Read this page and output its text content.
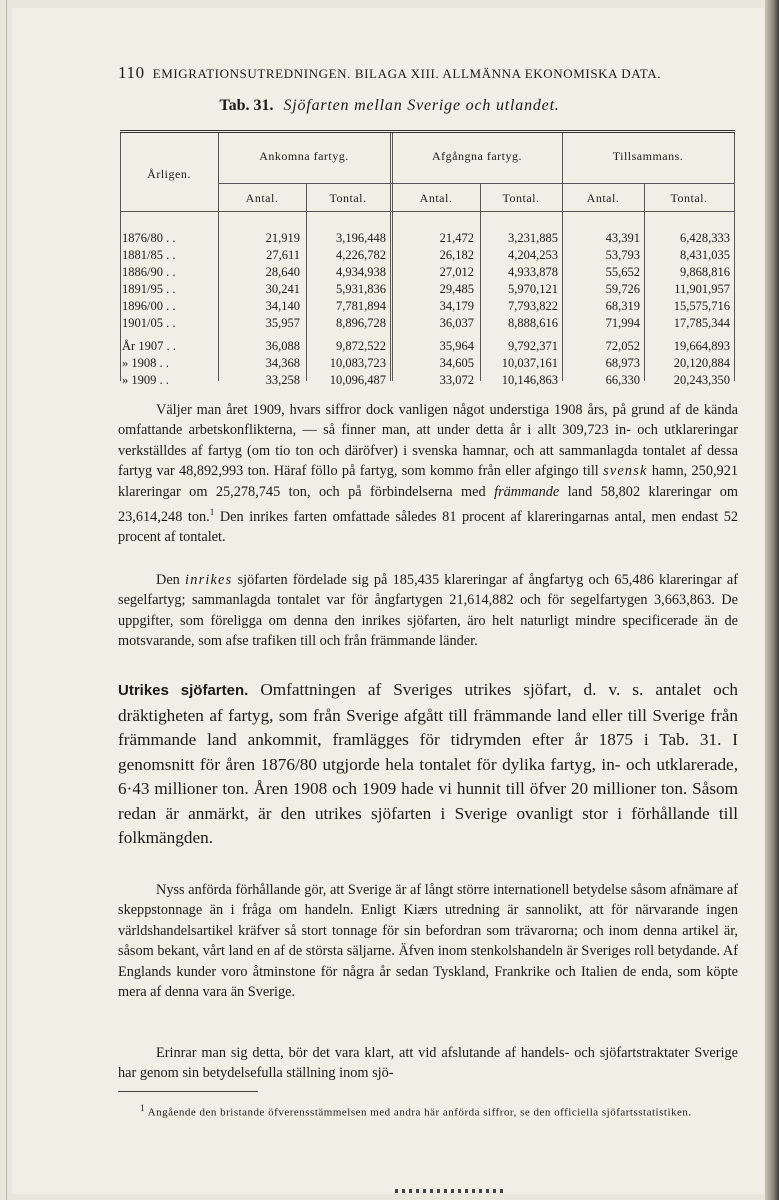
110 EMIGRATIONSUTREDNINGEN. BILAGA XIII. ALLMÄNNA EKONOMISKA DATA.
Tab. 31. Sjöfarten mellan Sverige och utlandet.
Årligen.
Ankomna fartyg.	Afgångna fartyg.	Tillsammans.
Antal.	Tontal.	Antal.	Tontal.	Antal.	Tontal.
1876/80 . .	21,919	3,196,448	21,472	3,231,885	43,391	6,428,333
1881/85 . .	27,611	4,226,782	26,182	4,204,253	53,793	8,431,035
1886/90 . .	28,640	4,934,938	27,012	4,933,878	55,652	9,868,816
1891/95 . .	30,241	5,931,836	29,485	5,970,121	59,726	11,901,957
1896/00 . .	34,140	7,781,894	34,179	7,793,822	68,319	15,575,716
1901/05 . .	35,957	8,896,728	36,037	8,888,616	71,994	17,785,344
År 1907 . .	36,088	9,872,522	35,964	9,792,371	72,052	19,664,893
» 1908 . .	34,368	10,083,723	34,605	10,037,161	68,973	20,120,884
» 1909 . .	33,258	10,096,487	33,072	10,146,863	66,330	20,243,350

Väljer man året 1909, hvars siffror dock vanligen något understiga 1908 års, på grund af de kända omfattande arbetskonflikterna, — så finner man, att under detta år i allt 309,723 in- och utklareringar verkställdes af fartyg (om tio ton och däröfver) i svenska hamnar, och att sammanlagda tontalet af dessa fartyg var 48,892,993 ton. Häraf föllo på fartyg, som kommo från eller afgingo till svensk hamn, 250,921 klareringar om 25,278,745 ton, och på förbindelserna med främmande land 58,802 klareringar om 23,614,248 ton.$^1$ Den inrikes farten omfattade således 81 procent af klareringarnas antal, men endast 52 procent af tontalet.

Den inrikes sjöfarten fördelade sig på 185,435 klareringar af ångfartyg och 65,486 klareringar af segelfartyg; sammanlagda tontalet var för ångfartygen 21,614,882 och för segelfartygen 3,663,863. De uppgifter, som föreligga om denna den inrikes sjöfarten, äro helt naturligt mindre specificerade än de motsvarande, som afse trafiken till och från främmande länder.

Utrikes sjöfarten. Omfattningen af Sveriges utrikes sjöfart, d. v. s. antalet och dräktigheten af fartyg, som från Sverige afgått till främmande land eller till Sverige från främmande land ankommit, framlägges för tidrymden efter år 1875 i Tab. 31. I genomsnitt för åren 1876/80 utgjorde hela tontalet för dylika fartyg, in- och utklarerade, 6·43 millioner ton. Åren 1908 och 1909 hade vi hunnit till öfver 20 millioner ton. Såsom redan är anmärkt, är den utrikes sjöfarten i Sverige ovanligt stor i förhållande till folkmängden.

Nyss anförda förhållande gör, att Sverige är af långt större internationell betydelse såsom afnämare af skeppstonnage än i fråga om handeln. Enligt Kiærs utredning är sannolikt, att för närvarande ingen världshandelsartikel kräfver så stort tonnage för sin befordran som trävarorna; och inom denna artikel är, såsom bekant, vårt land en af de största säljarne. Äfven inom stenkolshandeln är Sveriges roll betydande. Af Englands kunder voro åtminstone för några år sedan Tyskland, Frankrike och Italien de enda, som köpte mera af denna vara än Sverige.

Erinrar man sig detta, bör det vara klart, att vid afslutande af handels- och sjöfartstraktater Sverige har genom sin betydelsefulla ställning inom sjö-

$^1$ Angående den bristande öfverensstämmelsen med andra här anförda siffror, se den officiella sjöfartsstatistiken.
